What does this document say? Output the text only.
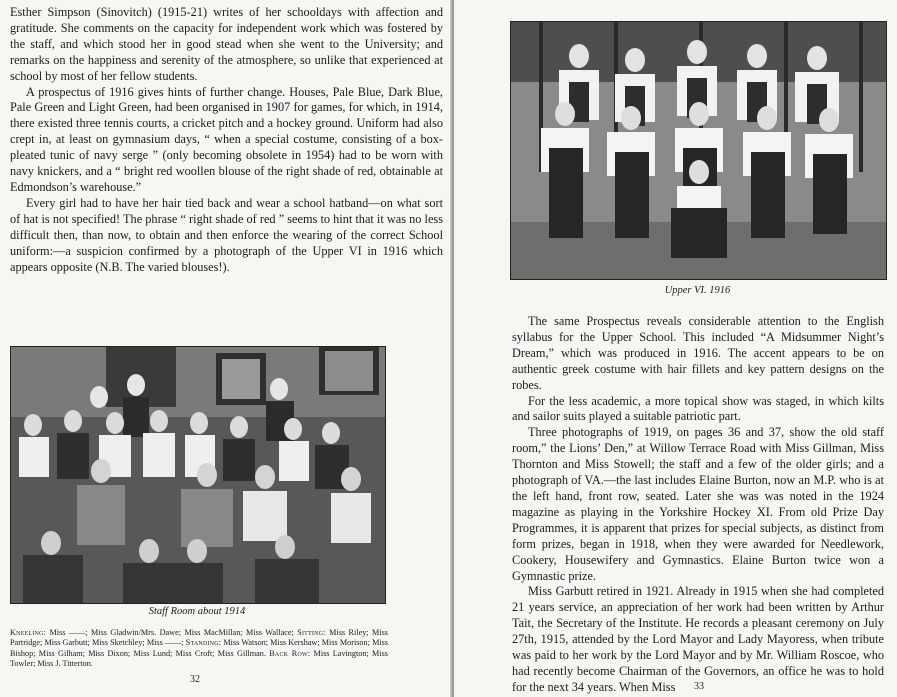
Esther Simpson (Sinovitch) (1915-21) writes of her schooldays with affection and gratitude. She comments on the capacity for independent work which was fostered by the staff, and which stood her in good stead when she went to the University; and remarks on the happiness and serenity of the atmosphere, so unlike that experienced at school by most of her fellow students.

A prospectus of 1916 gives hints of further change. Houses, Pale Blue, Dark Blue, Pale Green and Light Green, had been organised in 1907 for games, for which, in 1914, there existed three tennis courts, a cricket pitch and a hockey ground. Uniform had also crept in, at least on gymnasium days, “ when a special costume, consisting of a box-pleated tunic of navy serge ” (only becoming obsolete in 1954) had to be worn with navy knickers, and a “ bright red woollen blouse of the right shade of red, obtainable at Edmondson’s warehouse.”

Every girl had to have her hair tied back and wear a school hatband—on what sort of hat is not specified! The phrase “ right shade of red ” seems to hint that it was no less difficult then, than now, to obtain and then enforce the wearing of the correct School uniform:—a suspicion confirmed by a photograph of the Upper VI in 1916 which appears opposite (N.B. The varied blouses!).

Staff Room about 1914
Kneeling: Miss ——; Miss Gladwin/Mrs. Dawe; Miss MacMillan; Miss Wallace; Sitting: Miss Riley; Miss Partridge; Miss Garbutt; Miss Sketchley; Miss ——; Standing: Miss Watson; Miss Kershaw; Miss Morison; Miss Bishop; Miss Gilham; Miss Dixon; Miss Lund; Miss Croft; Miss Gillman. Back Row: Miss Lavington; Miss Towler; Miss J. Titterton.
32
Upper VI. 1916

The same Prospectus reveals considerable attention to the English syllabus for the Upper School. This included “A Midsummer Night’s Dream,” which was produced in 1916. The accent appears to be on authentic greek costume with hair fillets and key pattern designs on the robes.

For the less academic, a more topical show was staged, in which kilts and sailor suits played a suitable patriotic part.

Three photographs of 1919, on pages 36 and 37, show the old staff room,” the Lions’ Den,” at Willow Terrace Road with Miss Gillman, Miss Thornton and Miss Stowell; the staff and a few of the older girls; and a photograph of VA.—the last includes Elaine Burton, now an M.P. who is at the left hand, front row, seated. Later she was was noted in the 1924 magazine as playing in the Yorkshire Hockey XI. From old Prize Day Programmes, it is apparent that prizes for special subjects, as distinct from form prizes, began in 1918, when they were awarded for Needlework, Cookery, Housewifery and Gymnastics. Elaine Burton twice won a Gymnastic prize.

Miss Garbutt retired in 1921. Already in 1915 when she had completed 21 years service, an appreciation of her work had been written by Arthur Tait, the Secretary of the Institute. He records a pleasant ceremony on July 27th, 1915, attended by the Lord Mayor and Lady Mayoress, when tribute was paid to her work by the Lord Mayor and by Mr. William Roscoe, who had recently become Chairman of the Governors, an office he was to hold for the next 34 years. When Miss	33
